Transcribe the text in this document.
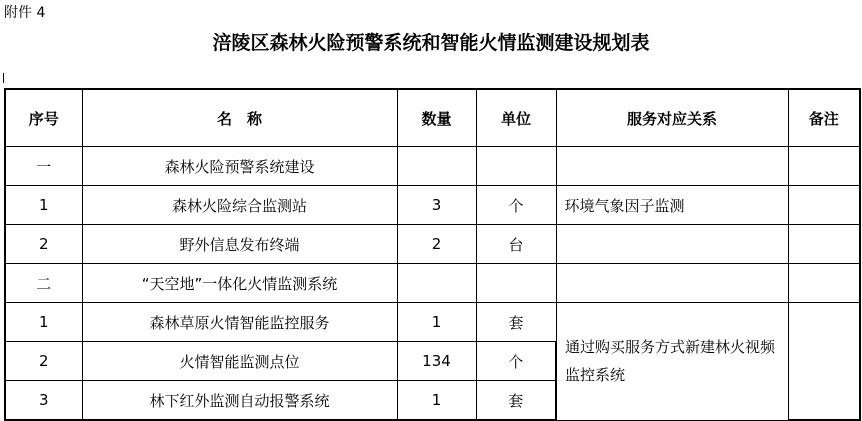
附件 4
涪陵区森林火险预警系统和智能火情监测建设规划表
序号	名　称	数量	单位	服务对应关系	备注
一	森林火险预警系统建设				
1	森林火险综合监测站	3	个	环境气象因子监测	
2	野外信息发布终端	2	台		
二	“天空地”一体化火情监测系统				
1	森林草原火情智能监控服务	1	套	通过购买服务方式新建林火视频监控系统	
2	火情智能监测点位	134	个		
3	林下红外监测自动报警系统	1	套		
